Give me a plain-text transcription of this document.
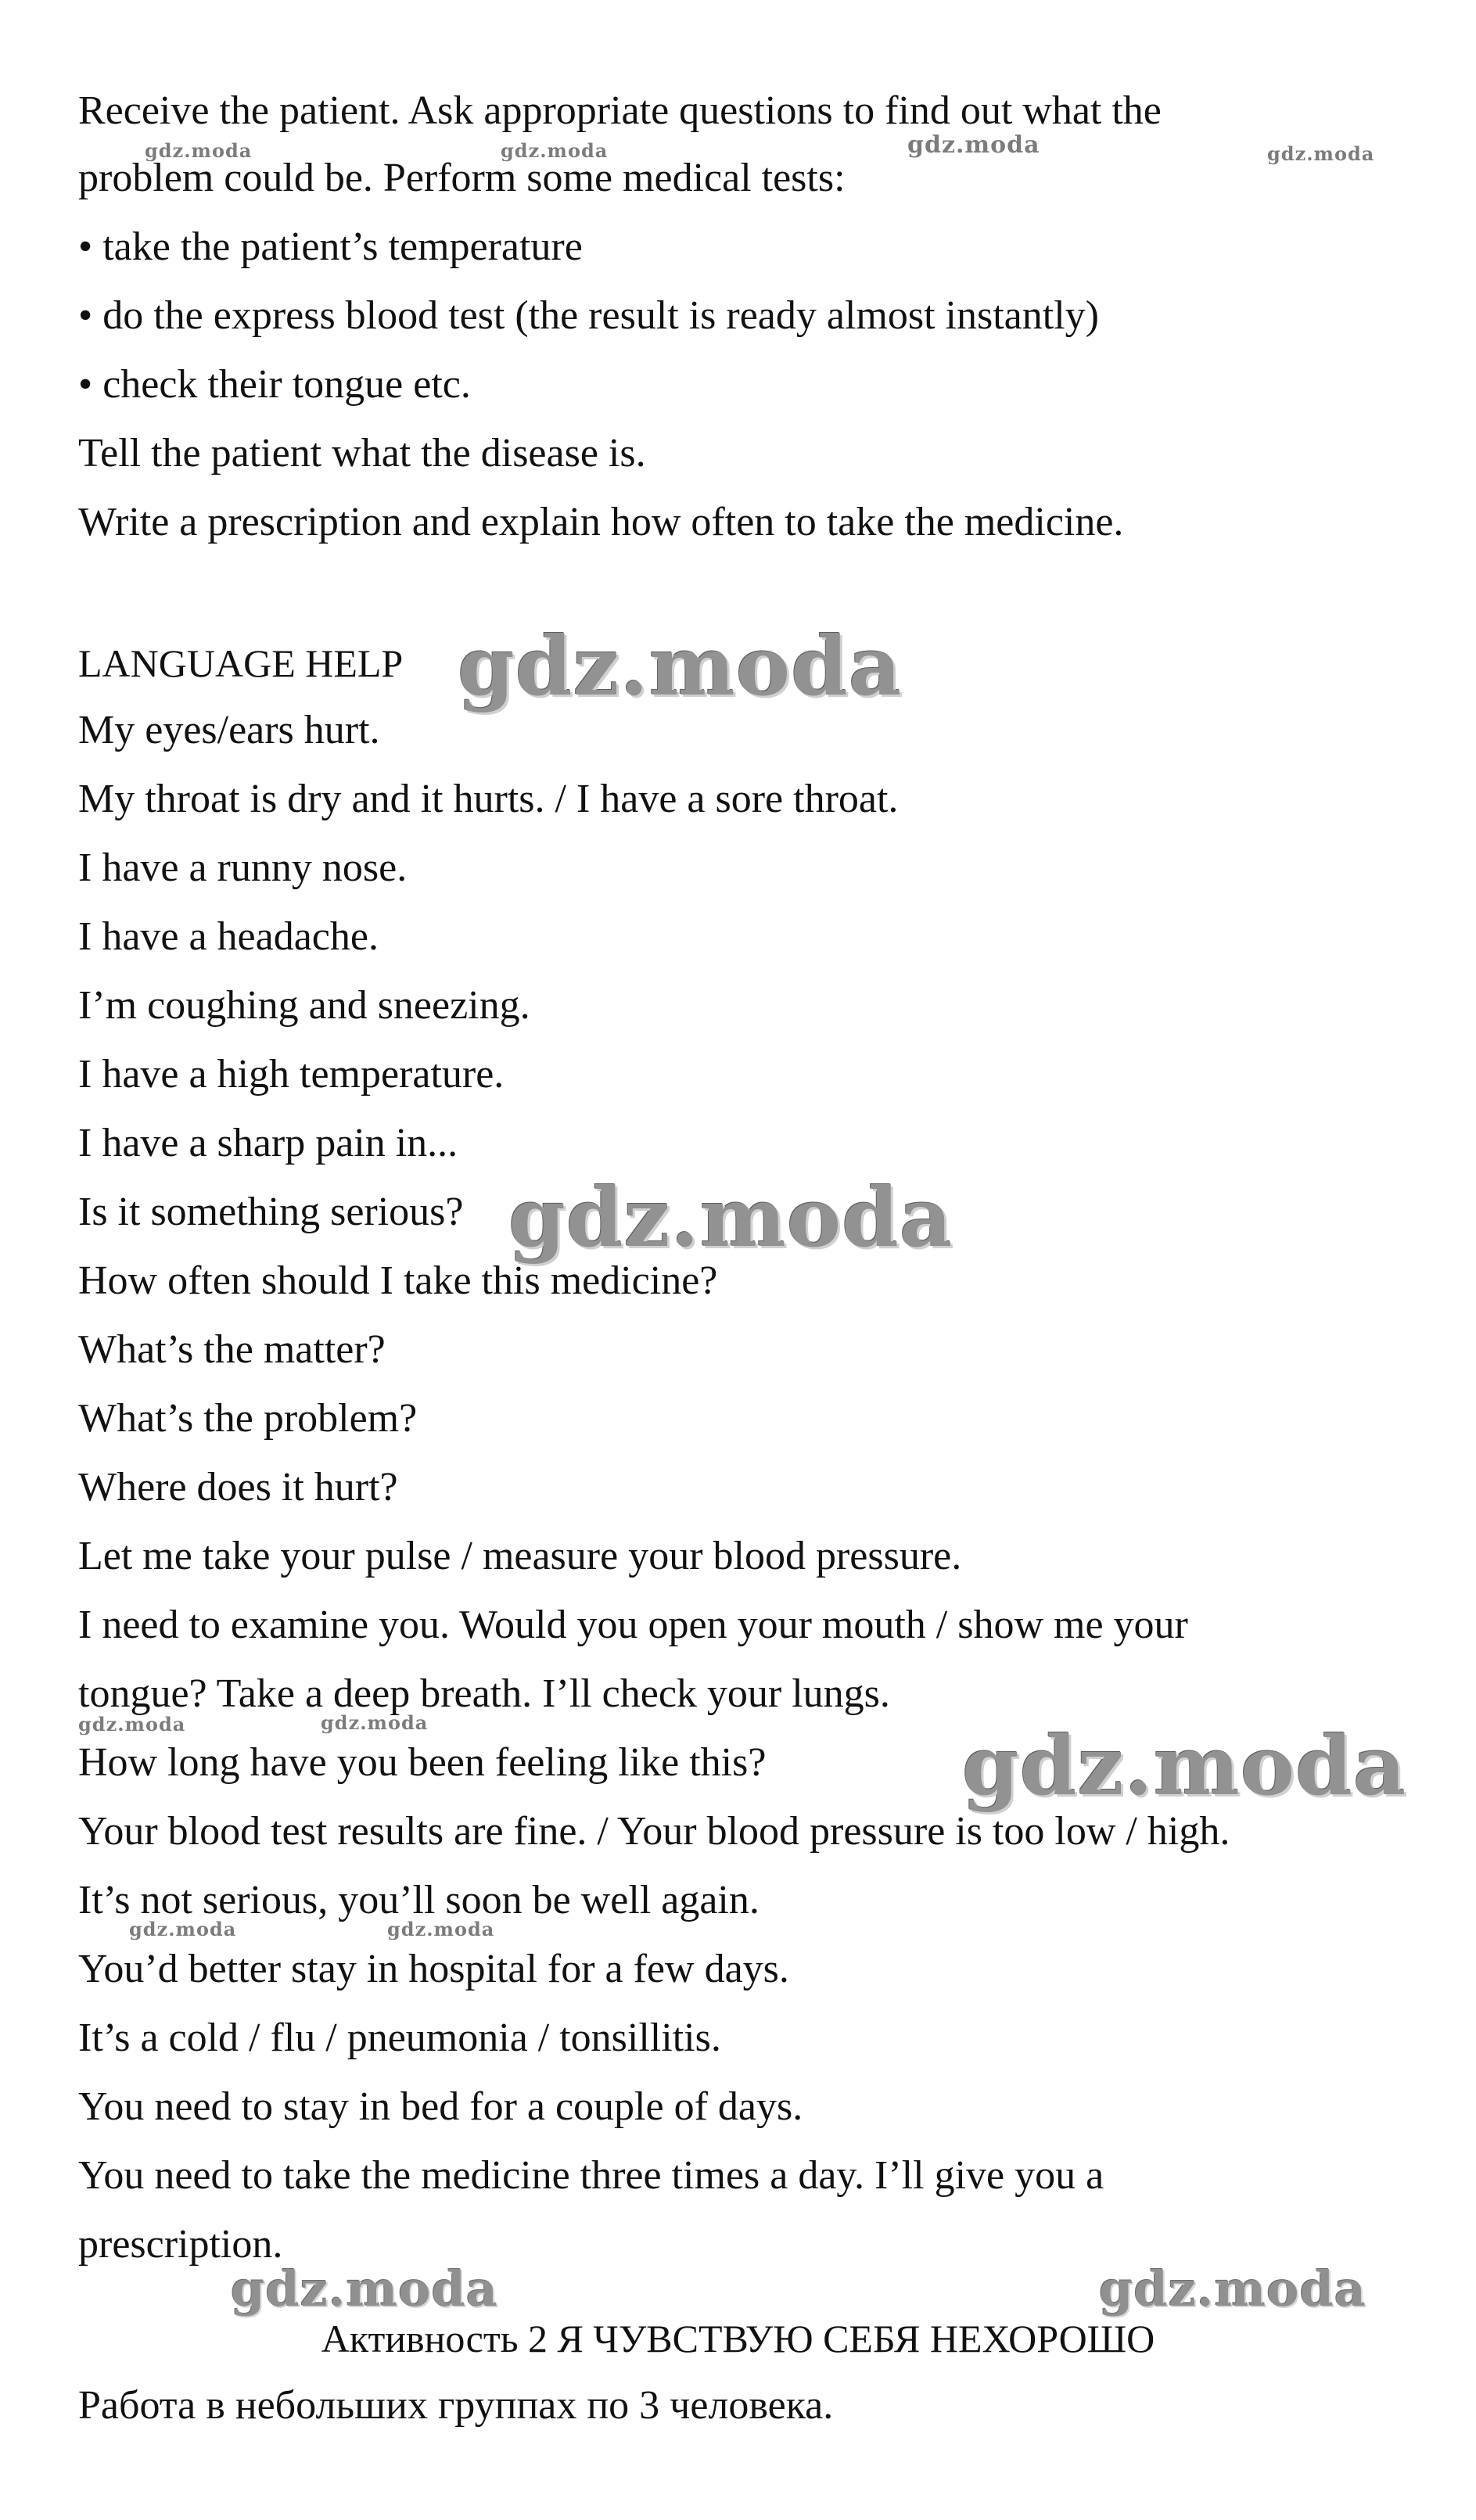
Receive the patient. Ask appropriate questions to find out what the
problem could be. Perform some medical tests:
• take the patient’s temperature
• do the express blood test (the result is ready almost instantly)
• check their tongue etc.
Tell the patient what the disease is.
Write a prescription and explain how often to take the medicine.
LANGUAGE HELP
My eyes/ears hurt.
My throat is dry and it hurts. / I have a sore throat.
I have a runny nose.
I have a headache.
I’m coughing and sneezing.
I have a high temperature.
I have a sharp pain in...
Is it something serious?
How often should I take this medicine?
What’s the matter?
What’s the problem?
Where does it hurt?
Let me take your pulse / measure your blood pressure.
I need to examine you. Would you open your mouth / show me your
tongue? Take a deep breath. I’ll check your lungs.
How long have you been feeling like this?
Your blood test results are fine. / Your blood pressure is too low / high.
It’s not serious, you’ll soon be well again.
You’d better stay in hospital for a few days.
It’s a cold / flu / pneumonia / tonsillitis.
You need to stay in bed for a couple of days.
You need to take the medicine three times a day. I’ll give you a
prescription.
Активность 2 Я ЧУВСТВУЮ СЕБЯ НЕХОРОШО
Работа в небольших группах по 3 человека.
gdz.moda	gdz.moda	gdz.moda	gdz.moda
gdz.moda
gdz.moda
gdz.moda	gdz.moda	gdz.moda
gdz.moda	gdz.moda
gdz.moda	gdz.moda
